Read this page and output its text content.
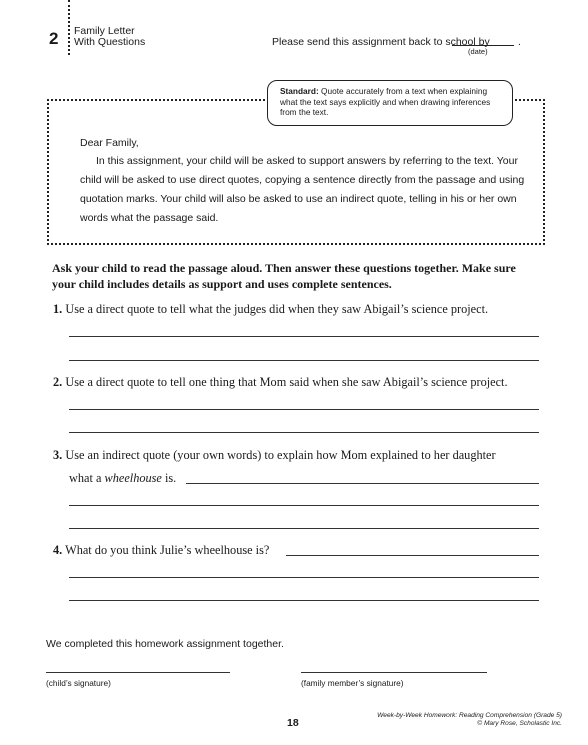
2 Family Letter
With Questions	Please send this assignment back to school by	.
(date)
Standard: Quote accurately from a text when explaining what the text says explicitly and when drawing inferences from the text.
Dear Family,
In this assignment, your child will be asked to support answers by referring to the text. Your child will be asked to use direct quotes, copying a sentence directly from the passage and using quotation marks. Your child will also be asked to use an indirect quote, telling in his or her own words what the passage said.
Ask your child to read the passage aloud. Then answer these questions together. Make sure your child includes details as support and uses complete sentences.
1. Use a direct quote to tell what the judges did when they saw Abigail’s science project.
2. Use a direct quote to tell one thing that Mom said when she saw Abigail’s science project.
3. Use an indirect quote (your own words) to explain how Mom explained to her daughter
what a wheelhouse is.
4. What do you think Julie’s wheelhouse is?
We completed this homework assignment together.
(child’s signature)	(family member’s signature)
18
Week-by-Week Homework: Reading Comprehension (Grade 5)
© Mary Rose, Scholastic Inc.
